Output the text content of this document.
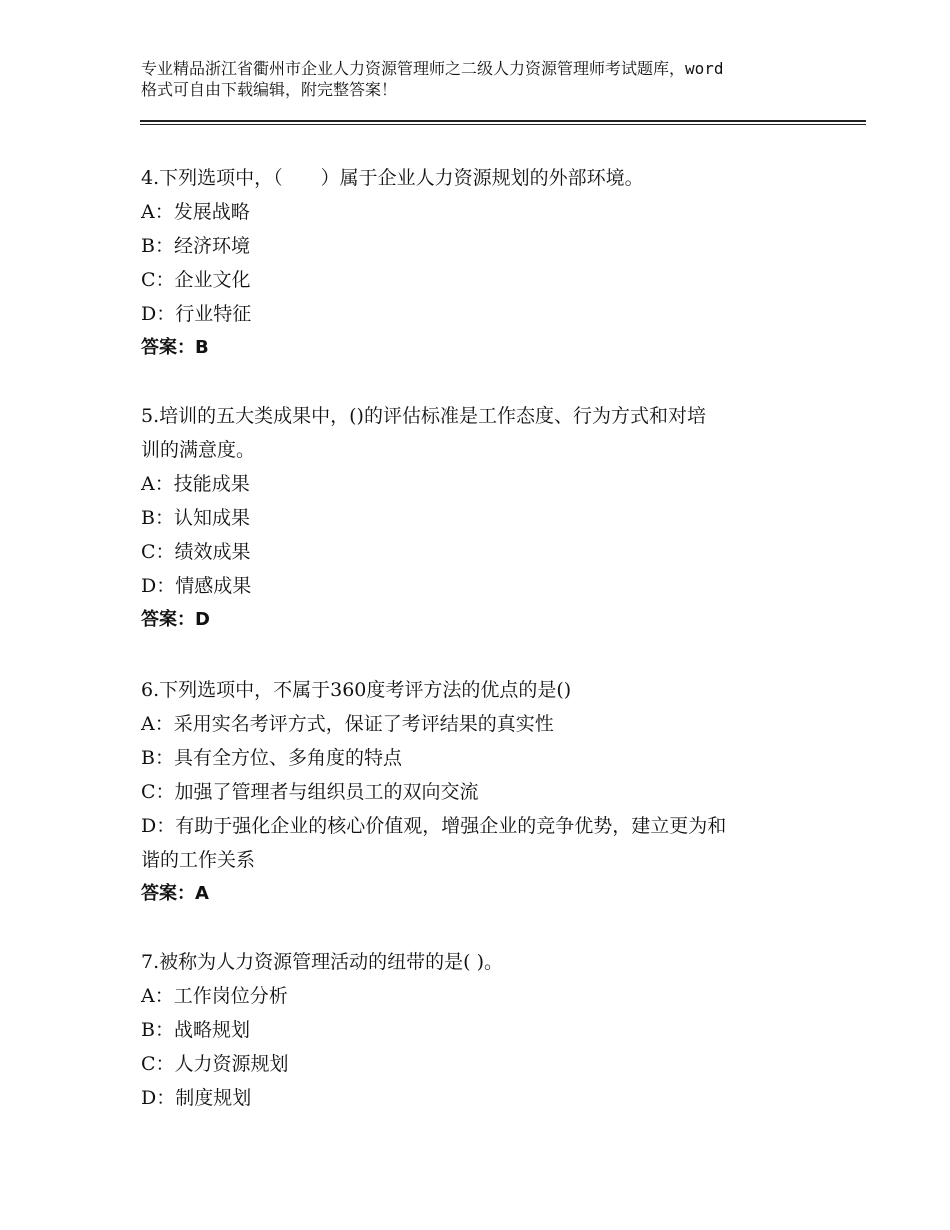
专业精品浙江省衢州市企业人力资源管理师之二级人力资源管理师考试题库，word
格式可自由下载编辑，附完整答案！

4.下列选项中，（　　）属于企业人力资源规划的外部环境。

A：发展战略

B：经济环境

C：企业文化

D：行业特征

答案：B

5.培训的五大类成果中，()的评估标准是工作态度、行为方式和对培

训的满意度。

A：技能成果

B：认知成果

C：绩效成果

D：情感成果

答案：D

6.下列选项中，不属于360度考评方法的优点的是()

A：采用实名考评方式，保证了考评结果的真实性

B：具有全方位、多角度的特点

C：加强了管理者与组织员工的双向交流

D：有助于强化企业的核心价值观，增强企业的竞争优势，建立更为和

谐的工作关系

答案：A

7.被称为人力资源管理活动的纽带的是( )。

A：工作岗位分析

B：战略规划

C：人力资源规划

D：制度规划
